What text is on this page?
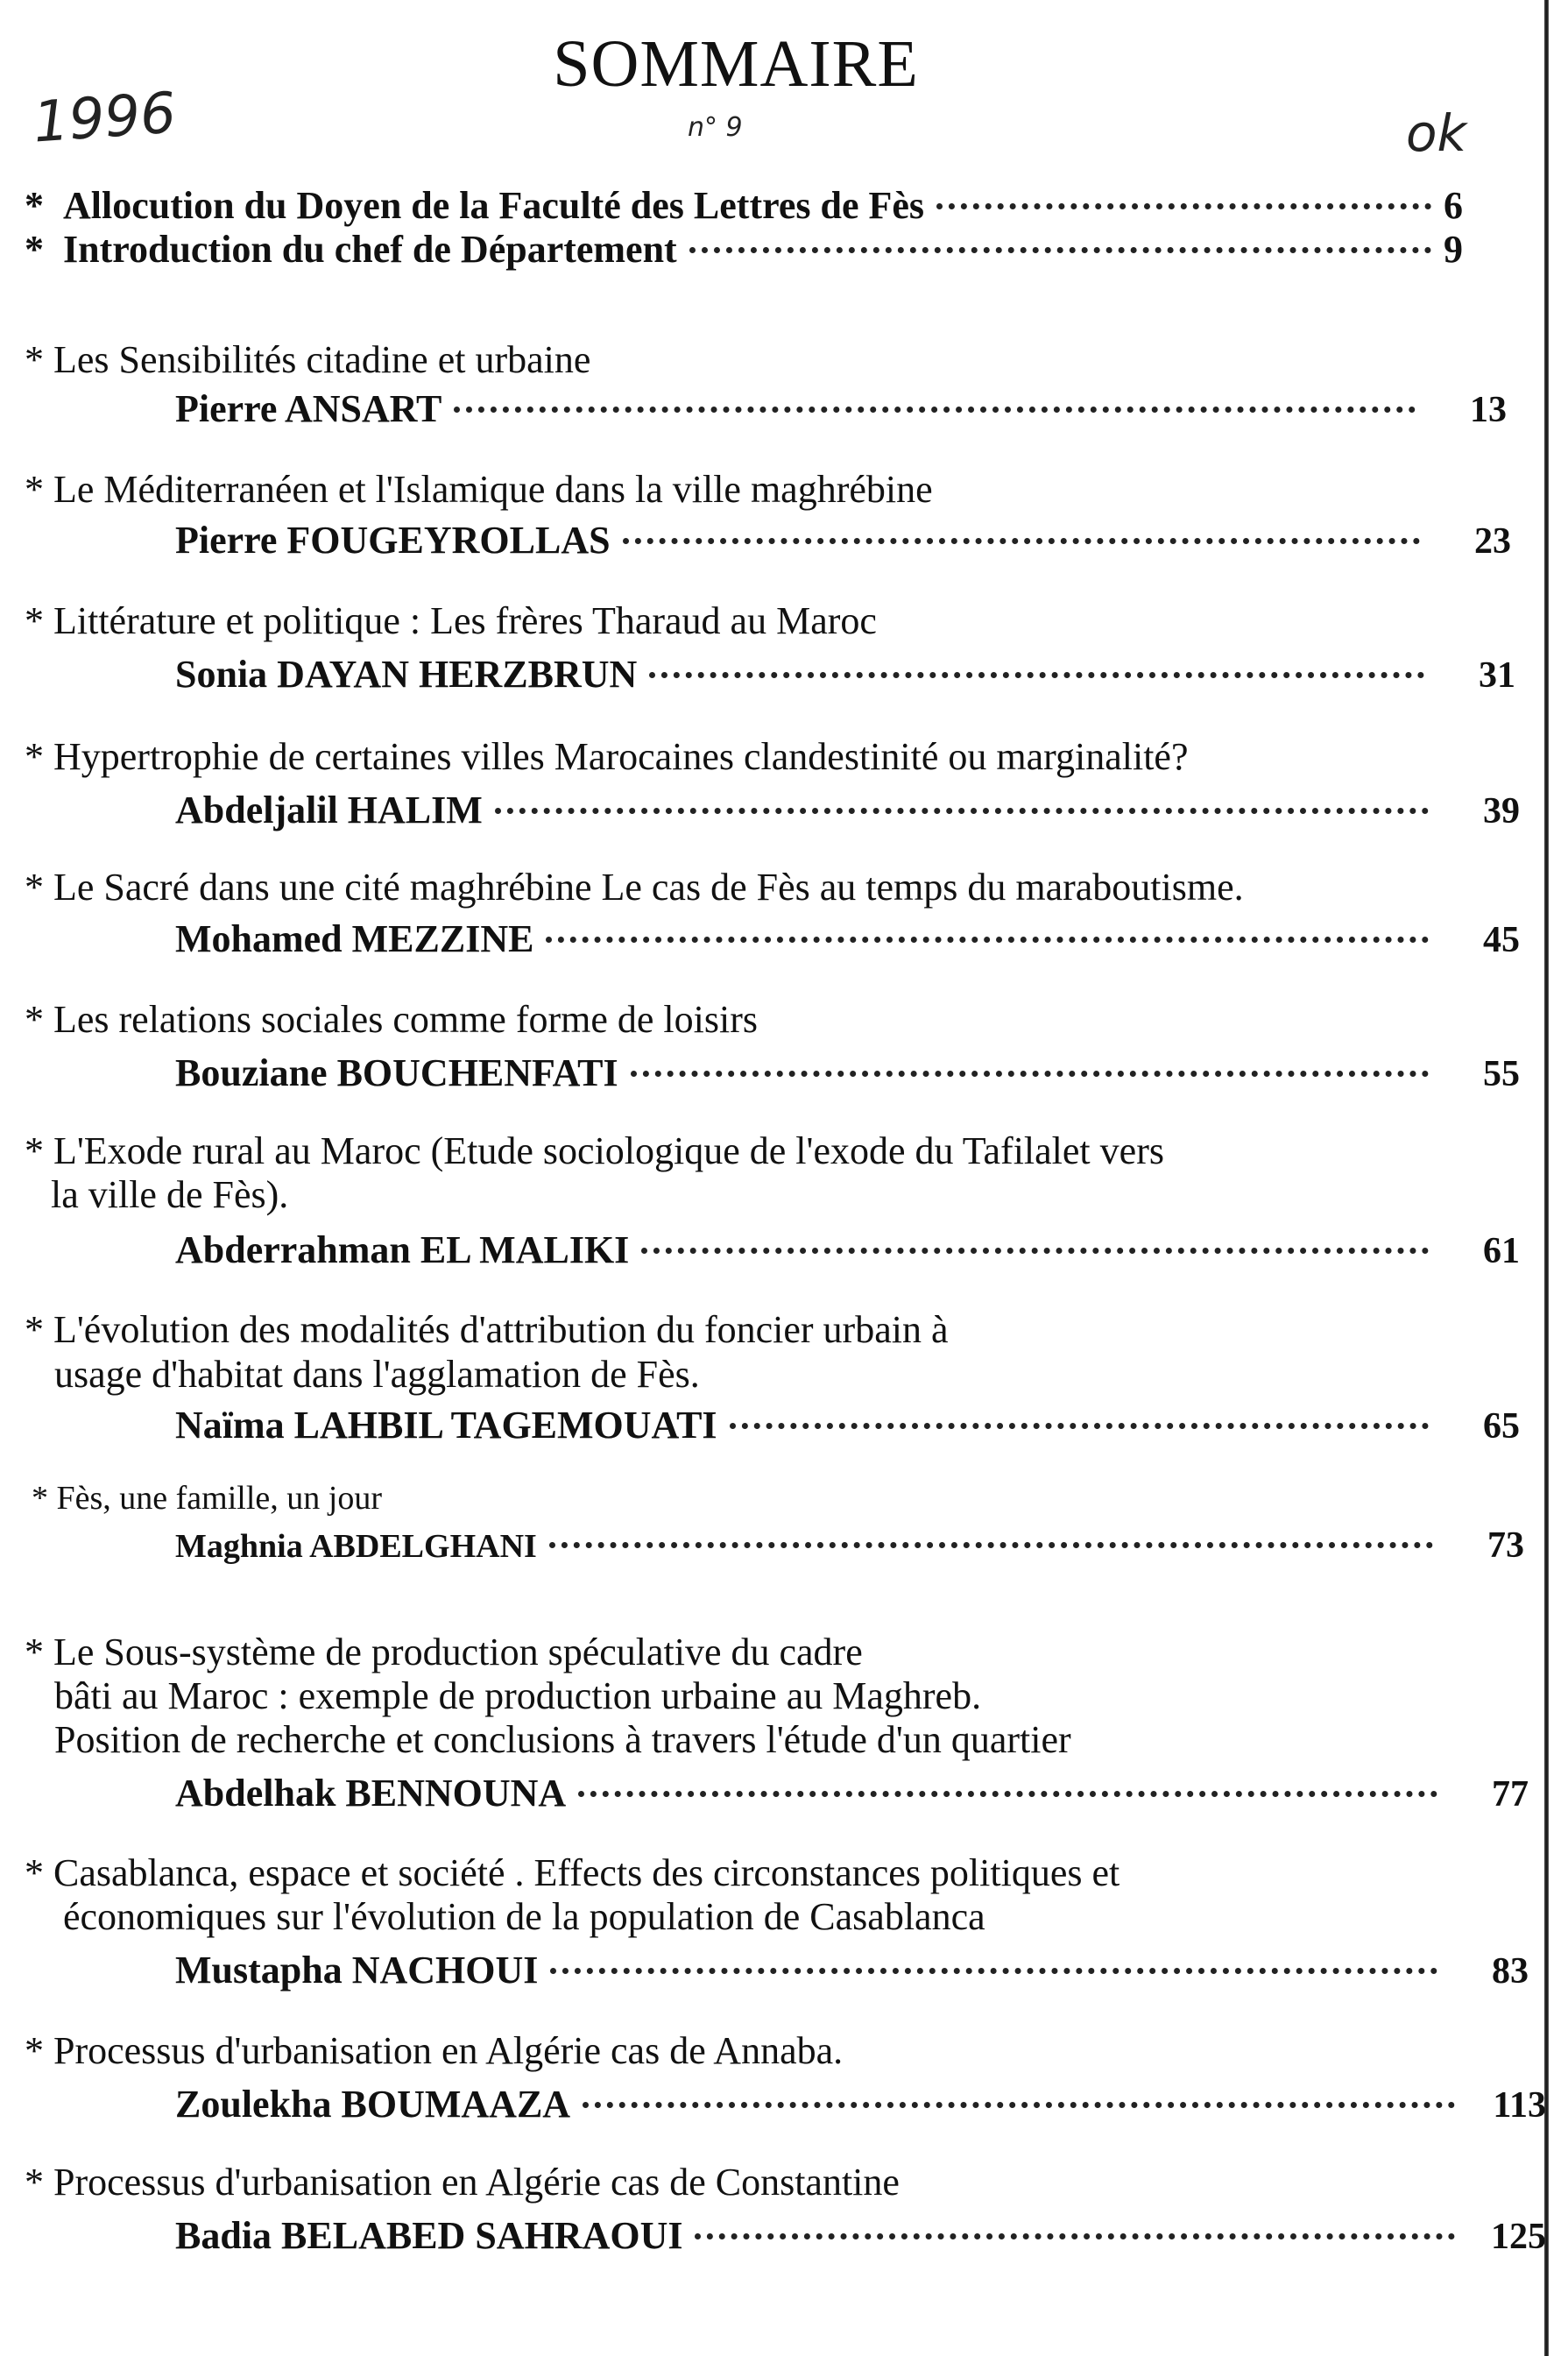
SOMMAIRE
1996	n° 9	ok
* Allocution du Doyen de la Faculté des Lettres de Fès	6
* Introduction du chef de Département	9
* Les Sensibilités citadine et urbaine
Pierre ANSART	13
* Le Méditerranéen et l'Islamique dans la ville maghrébine
Pierre FOUGEYROLLAS	23
* Littérature et politique : Les frères Tharaud au Maroc
Sonia DAYAN HERZBRUN	31
* Hypertrophie de certaines villes Marocaines clandestinité ou marginalité?
Abdeljalil HALIM	39
* Le Sacré dans une cité maghrébine Le cas de Fès au temps du maraboutisme.
Mohamed MEZZINE	45
* Les relations sociales comme forme de loisirs
Bouziane BOUCHENFATI	55
* L'Exode rural au Maroc (Etude sociologique de l'exode du Tafilalet vers
la ville de Fès).
Abderrahman EL MALIKI	61
* L'évolution des modalités d'attribution du foncier urbain à
usage d'habitat dans l'agglamation de Fès.
Naïma LAHBIL TAGEMOUATI	65
* Fès, une famille, un jour
Maghnia ABDELGHANI	73
* Le Sous-système de production spéculative du cadre
bâti au Maroc : exemple de production urbaine au Maghreb.
Position de recherche et conclusions à travers l'étude d'un quartier
Abdelhak BENNOUNA	77
* Casablanca, espace et société . Effects des circonstances politiques et
économiques sur l'évolution de la population de Casablanca
Mustapha NACHOUI	83
* Processus d'urbanisation en Algérie cas de Annaba.
Zoulekha BOUMAAZA	113
* Processus d'urbanisation en Algérie cas de Constantine
Badia BELABED SAHRAOUI	125
